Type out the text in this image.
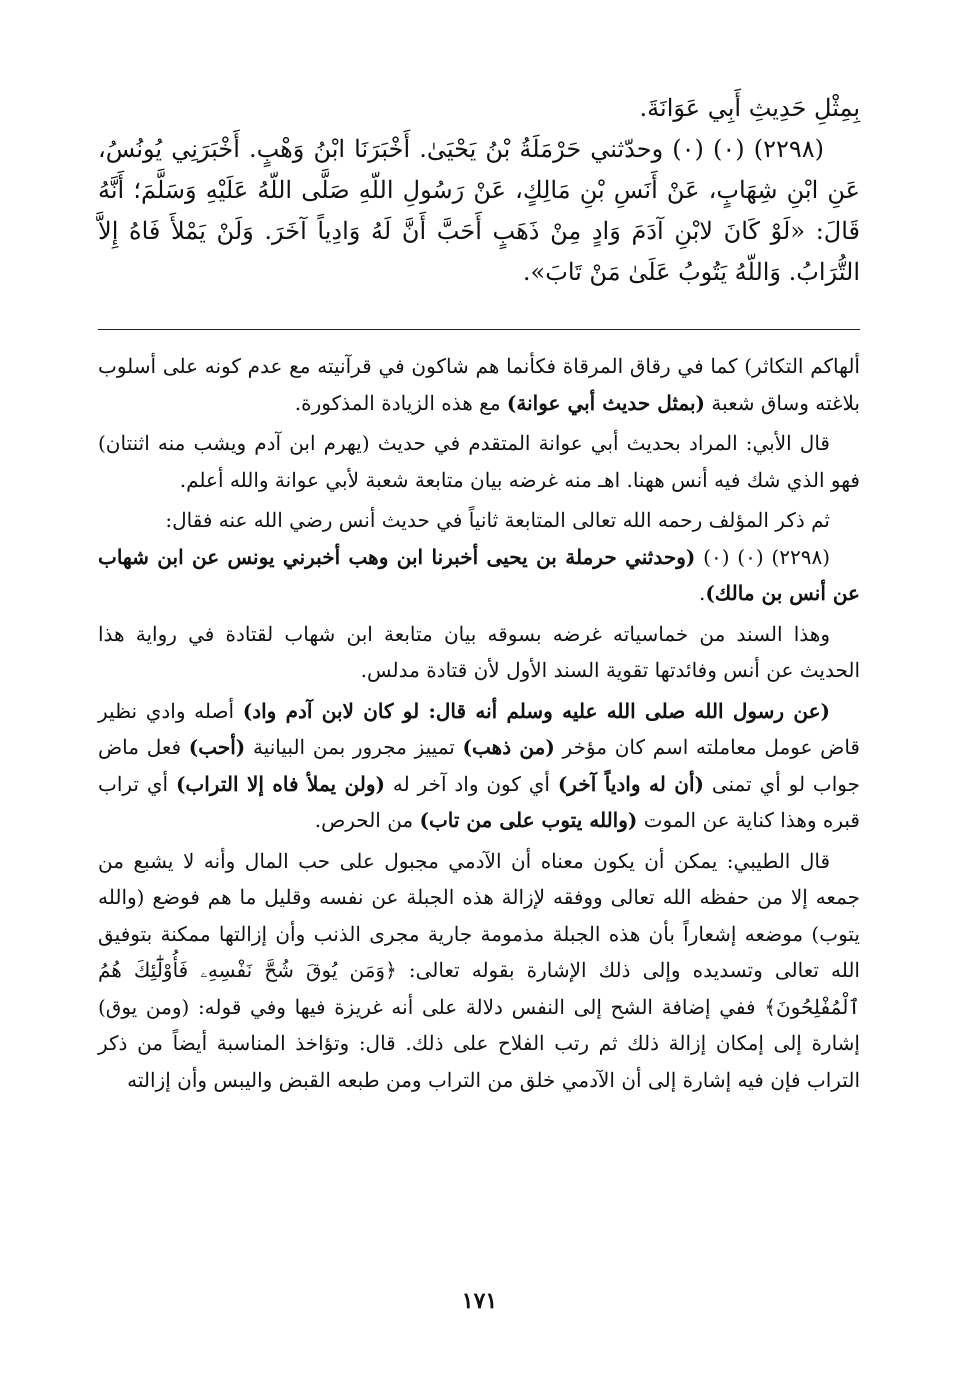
بِمِثْلِ حَدِيثِ أَبِي عَوَانَةَ.

(٢٢٩٨) (٠) (٠) وحدّثني حَرْمَلَةُ بْنُ يَحْيَىٰ. أَخْبَرَنَا ابْنُ وَهْبٍ. أَخْبَرَنِي يُونُسُ، عَنِ ابْنِ شِهَابٍ، عَنْ أَنَسِ بْنِ مَالِكٍ، عَنْ رَسُولِ اللّهِ صَلَّى اللّهُ عَلَيْهِ وَسَلَّمَ؛ أَنَّهُ قَالَ: «لَوْ كَانَ لابْنِ آدَمَ وَادٍ مِنْ ذَهَبٍ أَحَبَّ أَنَّ لَهُ وَادِياً آخَرَ. وَلَنْ يَمْلأَ فَاهُ إِلاَّ التُّرَابُ. وَاللّهُ يَتُوبُ عَلَىٰ مَنْ تَابَ».

ألهاكم التكاثر) كما في رقاق المرقاة فكأنما هم شاكون في قرآنيته مع عدم كونه على أسلوب بلاغته وساق شعبة (بمثل حديث أبي عوانة) مع هذه الزيادة المذكورة.

قال الأبي: المراد بحديث أبي عوانة المتقدم في حديث (يهرم ابن آدم ويشب منه اثنتان) فهو الذي شك فيه أنس ههنا. اهـ منه غرضه بيان متابعة شعبة لأبي عوانة والله أعلم.

ثم ذكر المؤلف رحمه الله تعالى المتابعة ثانياً في حديث أنس رضي الله عنه فقال:

(٢٢٩٨) (٠) (٠) (وحدثني حرملة بن يحيى أخبرنا ابن وهب أخبرني يونس عن ابن شهاب عن أنس بن مالك).

وهذا السند من خماسياته غرضه بسوقه بيان متابعة ابن شهاب لقتادة في رواية هذا الحديث عن أنس وفائدتها تقوية السند الأول لأن قتادة مدلس.

(عن رسول الله صلى الله عليه وسلم أنه قال: لو كان لابن آدم واد) أصله وادي نظير قاض عومل معاملته اسم كان مؤخر (من ذهب) تمييز مجرور بمن البيانية (أحب) فعل ماض جواب لو أي تمنى (أن له وادياً آخر) أي كون واد آخر له (ولن يملأ فاه إلا التراب) أي تراب قبره وهذا كناية عن الموت (والله يتوب على من تاب) من الحرص.

قال الطيبي: يمكن أن يكون معناه أن الآدمي مجبول على حب المال وأنه لا يشبع من جمعه إلا من حفظه الله تعالى ووفقه لإزالة هذه الجبلة عن نفسه وقليل ما هم فوضع (والله يتوب) موضعه إشعاراً بأن هذه الجبلة مذمومة جارية مجرى الذنب وأن إزالتها ممكنة بتوفيق الله تعالى وتسديده وإلى ذلك الإشارة بقوله تعالى: ﴿وَمَن يُوقَ شُحَّ نَفْسِهِۦ فَأُوْلَٰٓئِكَ هُمُ ٱلْمُفْلِحُونَ﴾ ففي إضافة الشح إلى النفس دلالة على أنه غريزة فيها وفي قوله: (ومن يوق) إشارة إلى إمكان إزالة ذلك ثم رتب الفلاح على ذلك. قال: وتؤاخذ المناسبة أيضاً من ذكر التراب فإن فيه إشارة إلى أن الآدمي خلق من التراب ومن طبعه القبض واليبس وأن إزالته

١٧١
